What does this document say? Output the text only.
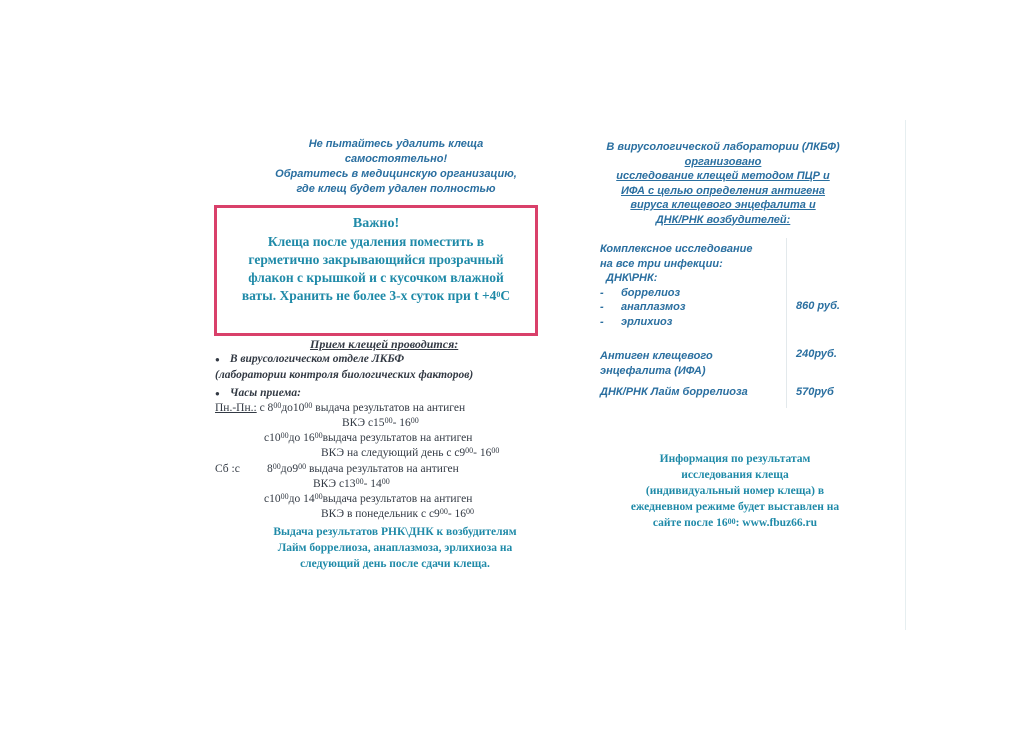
Не пытайтесь удалить клеща
самостоятельно!
Обратитесь в медицинскую организацию,
где клещ будет удален полностью
Важно!
Клеща после удаления поместить в
герметично закрывающийся прозрачный
флакон с крышкой и с кусочком влажной
ваты. Хранить не более 3-х суток при $t +4^0C$
Прием клещей проводится:
● В вирусологическом отделе ЛКБФ
(лаборатории контроля биологических факторов)
● Часы приема:
Пн.-Пн.: с $8^{00}до10^{00}$ выдача результатов на антиген
ВКЭ $с15^{00}-$ $16^{00}$
$с10^{00}до$ $16^{00}выдача$ результатов на антиген
ВКЭ на следующий день с $с9^{00}-$ $16^{00}$
Сб :с $8^{00}до9^{00}$ выдача результатов на антиген
ВКЭ $с13^{00}-$ $14^{00}$
$с10^{00}до$ $14^{00}выдача$ результатов на антиген
ВКЭ в понедельник с $с9^{00}-$ $16^{00}$
Выдача результатов РНК\ДНК к возбудителям
Лайм боррелиоза, анаплазмоза, эрлихиоза на
следующий день после сдачи клеща.
В вирусологической лаборатории (ЛКБФ)
организовано
исследование клещей методом ПЦР и
ИФА с целью определения антигена
вируса клещевого энцефалита и
ДНК/РНК возбудителей:
Комплексное исследование
на все три инфекции:
ДНК\РНК:
- боррелиоз
- анаплазмоз
- эрлихиоз
860 руб.
Антиген клещевого
энцефалита (ИФА)
240руб.
ДНК/РНК Лайм боррелиоза	570руб
Информация по результатам
исследования клеща
(индивидуальный номер клеща) в
ежедневном режиме будет выставлен на
сайте после $16^{00}$: www.fbuz66.ru
